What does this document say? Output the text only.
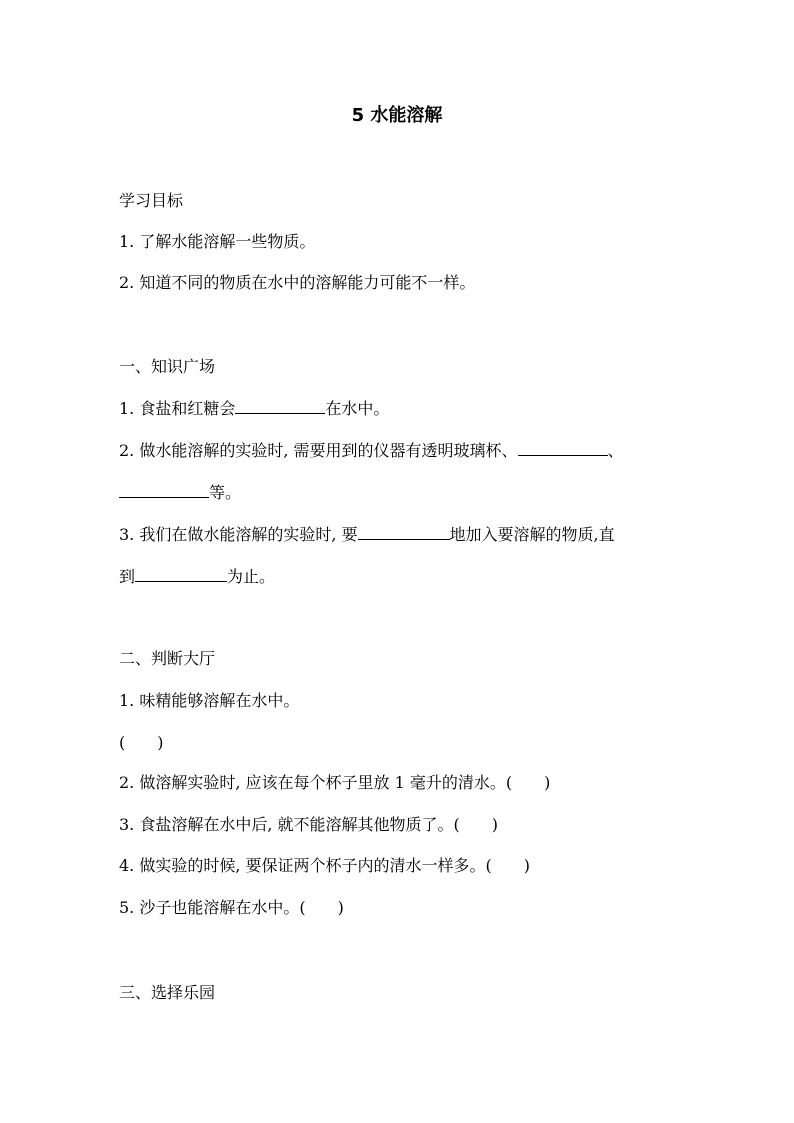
5 水能溶解
学习目标
1. 了解水能溶解一些物质。
2. 知道不同的物质在水中的溶解能力可能不一样。
一、知识广场
1. 食盐和红糖会	在水中。
2. 做水能溶解的实验时, 需要用到的仪器有透明玻璃杯、	、
等。
3. 我们在做水能溶解的实验时, 要	地加入要溶解的物质,直
到	为止。
二、判断大厅
1. 味精能够溶解在水中。
(　　)
2. 做溶解实验时, 应该在每个杯子里放 1 毫升的清水。(　　)
3. 食盐溶解在水中后, 就不能溶解其他物质了。(　　)
4. 做实验的时候, 要保证两个杯子内的清水一样多。(　　)
5. 沙子也能溶解在水中。(　　)
三、选择乐园
